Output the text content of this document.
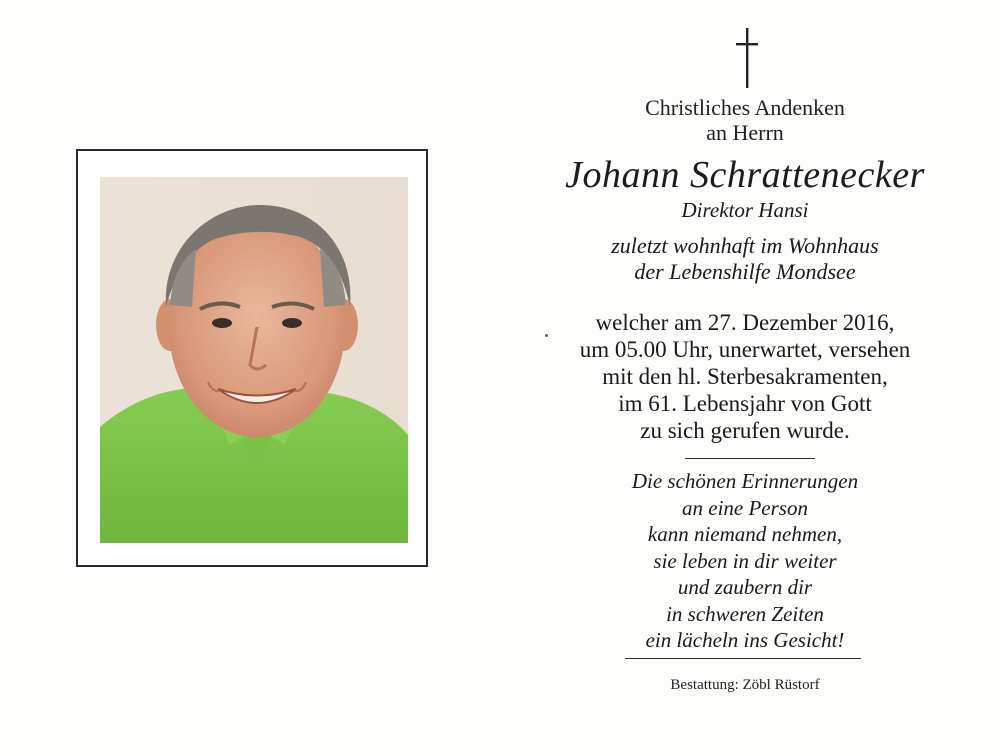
Christliches Andenken
an Herrn
Johann Schrattenecker
Direktor Hansi
zuletzt wohnhaft im Wohnhaus
der Lebenshilfe Mondsee
welcher am 27. Dezember 2016,
um 05.00 Uhr, unerwartet, versehen
mit den hl. Sterbesakramenten,
im 61. Lebensjahr von Gott
zu sich gerufen wurde.
Die schönen Erinnerungen
an eine Person
kann niemand nehmen,
sie leben in dir weiter
und zaubern dir
in schweren Zeiten
ein lächeln ins Gesicht!
Bestattung: Zöbl Rüstorf
